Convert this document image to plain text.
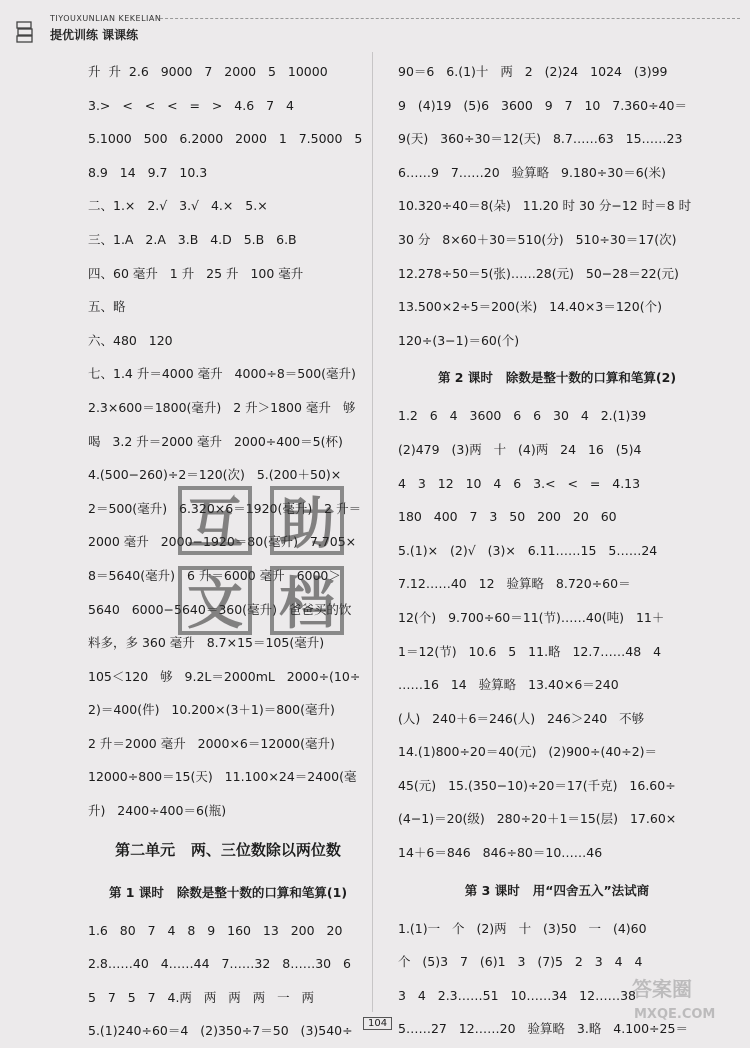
TIYOUXUNLIAN KEKELIAN
提优训练 课课练
升  升  2.6   9000   7   2000   5   10000
3.>   <   <   <   =   >   4.6   7   4
5.1000   500   6.2000   2000   1   7.5000   5
8.9   14   9.7   10.3
二、1.×   2.√   3.√   4.×   5.×
三、1.A   2.A   3.B   4.D   5.B   6.B
四、60 毫升   1 升   25 升   100 毫升
五、略
六、480   120
七、1.4 升＝4000 毫升   4000÷8＝500(毫升)
2.3×600＝1800(毫升)   2 升＞1800 毫升   够
喝   3.2 升＝2000 毫升   2000÷400＝5(杯)
4.(500−260)÷2＝120(次)   5.(200＋50)×
2＝500(毫升)   6.320×6＝1920(毫升)   2 升＝
2000 毫升   2000−1920＝80(毫升)   7.705×
8＝5640(毫升)   6 升＝6000 毫升   6000＞
5640   6000−5640＝360(毫升)   爸爸买的饮
料多，多 360 毫升   8.7×15＝105(毫升)
105＜120   够   9.2L＝2000mL   2000÷(10÷
2)＝400(件)   10.200×(3＋1)＝800(毫升)
2 升＝2000 毫升   2000×6＝12000(毫升)
12000÷800＝15(天)   11.100×24＝2400(毫
升)   2400÷400＝6(瓶)
第二单元   两、三位数除以两位数
第 1 课时   除数是整十数的口算和笔算(1)
1.6   80   7   4   8   9   160   13   200   20
2.8……40   4……44   7……32   8……30   6
5   7   5   7   4.两   两   两   两   一   两
5.(1)240÷60＝4   (2)350÷7＝50   (3)540÷
90＝6   6.(1)十   两   2   (2)24   1024   (3)99
9   (4)19   (5)6   3600   9   7   10   7.360÷40＝
9(天)   360÷30＝12(天)   8.7……63   15……23
6……9   7……20   验算略   9.180÷30＝6(米)
10.320÷40＝8(朵)   11.20 时 30 分−12 时＝8 时
30 分   8×60＋30＝510(分)   510÷30＝17(次)
12.278÷50＝5(张)……28(元)   50−28＝22(元)
13.500×2÷5＝200(米)   14.40×3＝120(个)
120÷(3−1)＝60(个)
第 2 课时   除数是整十数的口算和笔算(2)
1.2   6   4   3600   6   6   30   4   2.(1)39
(2)479   (3)两   十   (4)两   24   16   (5)4
4   3   12   10   4   6   3.<   <   =   4.13
180   400   7   3   50   200   20   60
5.(1)×   (2)√   (3)×   6.11……15   5……24
7.12……40   12   验算略   8.720÷60＝
12(个)   9.700÷60＝11(节)……40(吨)   11＋
1＝12(节)   10.6   5   11.略   12.7……48   4
……16   14   验算略   13.40×6＝240
(人)   240＋6＝246(人)   246＞240   不够
14.(1)800÷20＝40(元)   (2)900÷(40÷2)＝
45(元)   15.(350−10)÷20＝17(千克)   16.60÷
(4−1)＝20(级)   280÷20＋1＝15(层)   17.60×
14＋6＝846   846÷80＝10……46
第 3 课时   用“四舍五入”法试商
1.(1)一   个   (2)两   十   (3)50   一   (4)60
个   (5)3   7   (6)1   3   (7)5   2   3   4   4
3   4   2.3……51   10……34   12……38
5……27   12……20   验算略   3.略   4.100÷25＝
互 助
文 档
答案圈
MXQE.COM
104
